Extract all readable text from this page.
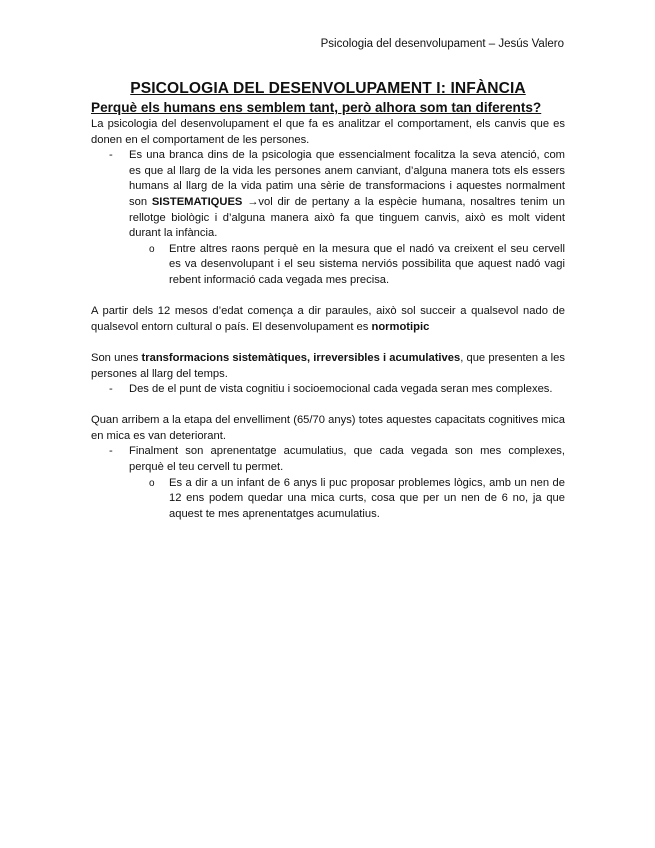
Psicologia del desenvolupament – Jesús Valero
PSICOLOGIA DEL DESENVOLUPAMENT I: INFÀNCIA
Perquè els humans ens semblem tant, però alhora som tan diferents?

La psicologia del desenvolupament el que fa es analitzar el comportament, els canvis que es donen en el comportament de les persones.

- Es una branca dins de la psicologia que essencialment focalitza la seva atenció, com es que al llarg de la vida les persones anem canviant, d’alguna manera tots els essers humans al llarg de la vida patim una sèrie de transformacions i aquestes normalment son SISTEMATIQUES →vol dir de pertany a la espècie humana, nosaltres tenim un rellotge biològic i d’alguna manera això fa que tinguem canvis, això es molt vident durant la infància.
o Entre altres raons perquè en la mesura que el nadó va creixent el seu cervell es va desenvolupant i el seu sistema nerviós possibilita que aquest nadó vagi rebent informació cada vegada mes precisa.

A partir dels 12 mesos d’edat comença a dir paraules, això sol succeir a qualsevol nado de qualsevol entorn cultural o país. El desenvolupament es normotipic

Son unes transformacions sistemàtiques, irreversibles i acumulatives, que presenten a les persones al llarg del temps.

- Des de el punt de vista cognitiu i socioemocional cada vegada seran mes complexes.

Quan arribem a la etapa del envelliment (65/70 anys) totes aquestes capacitats cognitives mica en mica es van deteriorant.

- Finalment son aprenentatge acumulatius, que cada vegada son mes complexes, perquè el teu cervell tu permet.
o Es a dir a un infant de 6 anys li puc proposar problemes lògics, amb un nen de 12 ens podem quedar una mica curts, cosa que per un nen de 6 no, ja que aquest te mes aprenentatges acumulatius.
